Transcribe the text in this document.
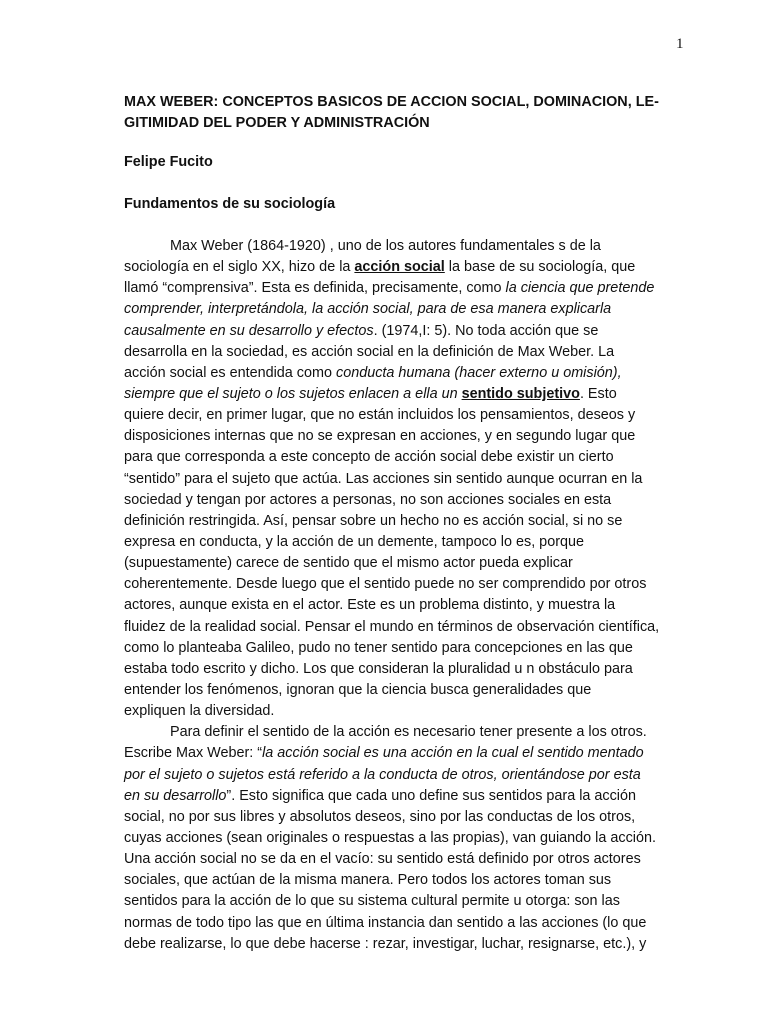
1
MAX WEBER: CONCEPTOS BASICOS DE ACCION SOCIAL, DOMINACION, LE-
GITIMIDAD DEL PODER Y ADMINISTRACIÓN

Felipe Fucito

Fundamentos de su sociología
Max Weber (1864-1920) , uno de los autores fundamentales s de la
sociología en el siglo XX, hizo de la acción social la base de su sociología, que
llamó “comprensiva”. Esta es definida, precisamente, como la ciencia que pretende
comprender, interpretándola, la acción social, para de esa manera explicarla
causalmente en su desarrollo y efectos. (1974,I: 5). No toda acción que se
desarrolla en la sociedad, es acción social en la definición de Max Weber. La
acción social es entendida como conducta humana (hacer externo u omisión),
siempre que el sujeto o los sujetos enlacen a ella un sentido subjetivo. Esto
quiere decir, en primer lugar, que no están incluidos los pensamientos, deseos y
disposiciones internas que no se expresan en acciones, y en segundo lugar que
para que corresponda a este concepto de acción social debe existir un cierto
“sentido” para el sujeto que actúa. Las acciones sin sentido aunque ocurran en la
sociedad y tengan por actores a personas, no son acciones sociales en esta
definición restringida. Así, pensar sobre un hecho no es acción social, si no se
expresa en conducta, y la acción de un demente, tampoco lo es, porque
(supuestamente) carece de sentido que el mismo actor pueda explicar
coherentemente. Desde luego que el sentido puede no ser comprendido por otros
actores, aunque exista en el actor. Este es un problema distinto, y muestra la
fluidez de la realidad social. Pensar el mundo en términos de observación científica,
como lo planteaba Galileo, pudo no tener sentido para concepciones en las que
estaba todo escrito y dicho. Los que consideran la pluralidad u n obstáculo para
entender los fenómenos, ignoran que la ciencia busca generalidades que
expliquen la diversidad.
Para definir el sentido de la acción es necesario tener presente a los otros.
Escribe Max Weber: “la acción social es una acción en la cual el sentido mentado
por el sujeto o sujetos está referido a la conducta de otros, orientándose por esta
en su desarrollo”. Esto significa que cada uno define sus sentidos para la acción
social, no por sus libres y absolutos deseos, sino por las conductas de los otros,
cuyas acciones (sean originales o respuestas a las propias), van guiando la acción.
Una acción social no se da en el vacío: su sentido está definido por otros actores
sociales, que actúan de la misma manera. Pero todos los actores toman sus
sentidos para la acción de lo que su sistema cultural permite u otorga: son las
normas de todo tipo las que en última instancia dan sentido a las acciones (lo que
debe realizarse, lo que debe hacerse : rezar, investigar, luchar, resignarse, etc.), y
